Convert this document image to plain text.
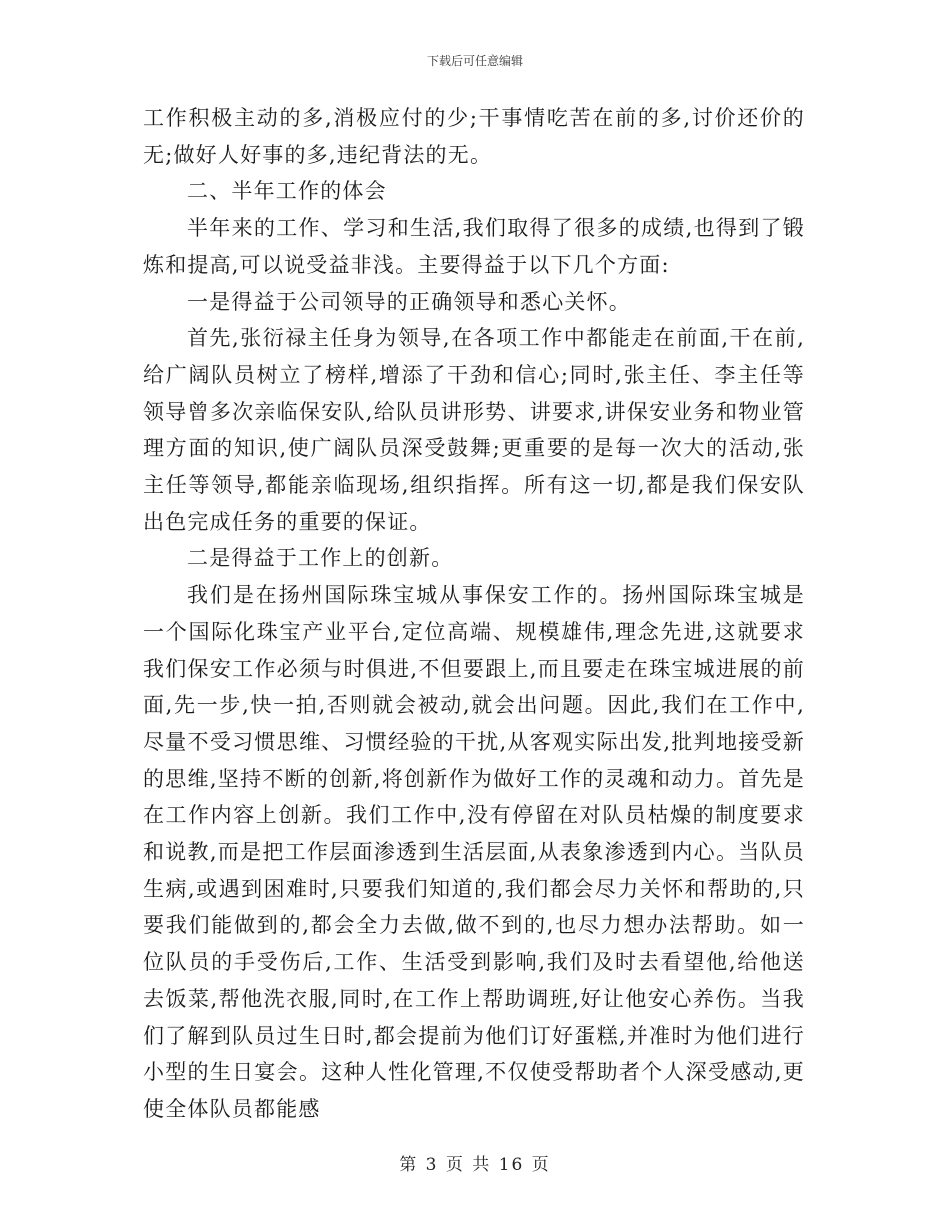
下载后可任意编辑

工作积极主动的多,消极应付的少;干事情吃苦在前的多,讨价还价的无;做好人好事的多,违纪背法的无。

二、半年工作的体会

半年来的工作、学习和生活,我们取得了很多的成绩,也得到了锻炼和提高,可以说受益非浅。主要得益于以下几个方面:

一是得益于公司领导的正确领导和悉心关怀。

首先,张衍禄主任身为领导,在各项工作中都能走在前面,干在前,给广阔队员树立了榜样,增添了干劲和信心;同时,张主任、李主任等领导曾多次亲临保安队,给队员讲形势、讲要求,讲保安业务和物业管理方面的知识,使广阔队员深受鼓舞;更重要的是每一次大的活动,张主任等领导,都能亲临现场,组织指挥。所有这一切,都是我们保安队出色完成任务的重要的保证。

二是得益于工作上的创新。

我们是在扬州国际珠宝城从事保安工作的。扬州国际珠宝城是一个国际化珠宝产业平台,定位高端、规模雄伟,理念先进,这就要求我们保安工作必须与时俱进,不但要跟上,而且要走在珠宝城进展的前面,先一步,快一拍,否则就会被动,就会出问题。因此,我们在工作中,尽量不受习惯思维、习惯经验的干扰,从客观实际出发,批判地接受新的思维,坚持不断的创新,将创新作为做好工作的灵魂和动力。首先是在工作内容上创新。我们工作中,没有停留在对队员枯燥的制度要求和说教,而是把工作层面渗透到生活层面,从表象渗透到内心。当队员生病,或遇到困难时,只要我们知道的,我们都会尽力关怀和帮助的,只要我们能做到的,都会全力去做,做不到的,也尽力想办法帮助。如一位队员的手受伤后,工作、生活受到影响,我们及时去看望他,给他送去饭菜,帮他洗衣服,同时,在工作上帮助调班,好让他安心养伤。当我们了解到队员过生日时,都会提前为他们订好蛋糕,并准时为他们进行小型的生日宴会。这种人性化管理,不仅使受帮助者个人深受感动,更使全体队员都能感

第 3 页 共 16 页
